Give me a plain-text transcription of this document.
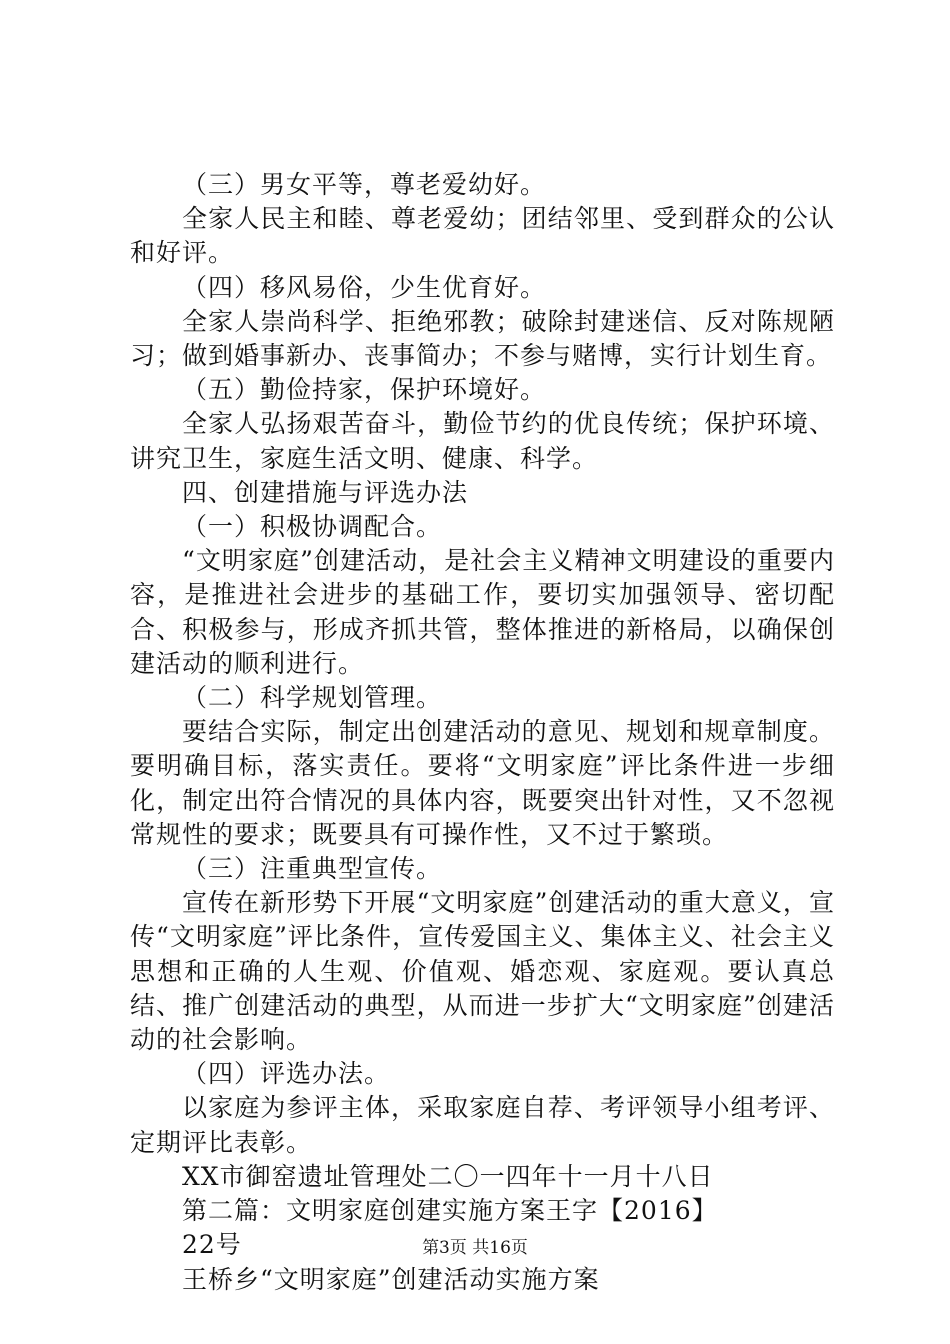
（三）男女平等，尊老爱幼好。

全家人民主和睦、尊老爱幼；团结邻里、受到群众的公认和好评。

（四）移风易俗，少生优育好。

全家人崇尚科学、拒绝邪教；破除封建迷信、反对陈规陋习；做到婚事新办、丧事简办；不参与赌博，实行计划生育。

（五）勤俭持家，保护环境好。

全家人弘扬艰苦奋斗，勤俭节约的优良传统；保护环境、讲究卫生，家庭生活文明、健康、科学。

四、创建措施与评选办法

（一）积极协调配合。

“文明家庭”创建活动，是社会主义精神文明建设的重要内容，是推进社会进步的基础工作，要切实加强领导、密切配合、积极参与，形成齐抓共管，整体推进的新格局，以确保创建活动的顺利进行。

（二）科学规划管理。

要结合实际，制定出创建活动的意见、规划和规章制度。要明确目标，落实责任。要将“文明家庭”评比条件进一步细化，制定出符合情况的具体内容，既要突出针对性，又不忽视常规性的要求；既要具有可操作性，又不过于繁琐。

（三）注重典型宣传。

宣传在新形势下开展“文明家庭”创建活动的重大意义，宣传“文明家庭”评比条件，宣传爱国主义、集体主义、社会主义思想和正确的人生观、价值观、婚恋观、家庭观。要认真总结、推广创建活动的典型，从而进一步扩大“文明家庭”创建活动的社会影响。

（四）评选办法。

以家庭为参评主体，采取家庭自荐、考评领导小组考评、定期评比表彰。

XX市御窑遗址管理处二〇一四年十一月十八日

第二篇：文明家庭创建实施方案王字【2016】

22号

王桥乡“文明家庭”创建活动实施方案

第3页 共16页
